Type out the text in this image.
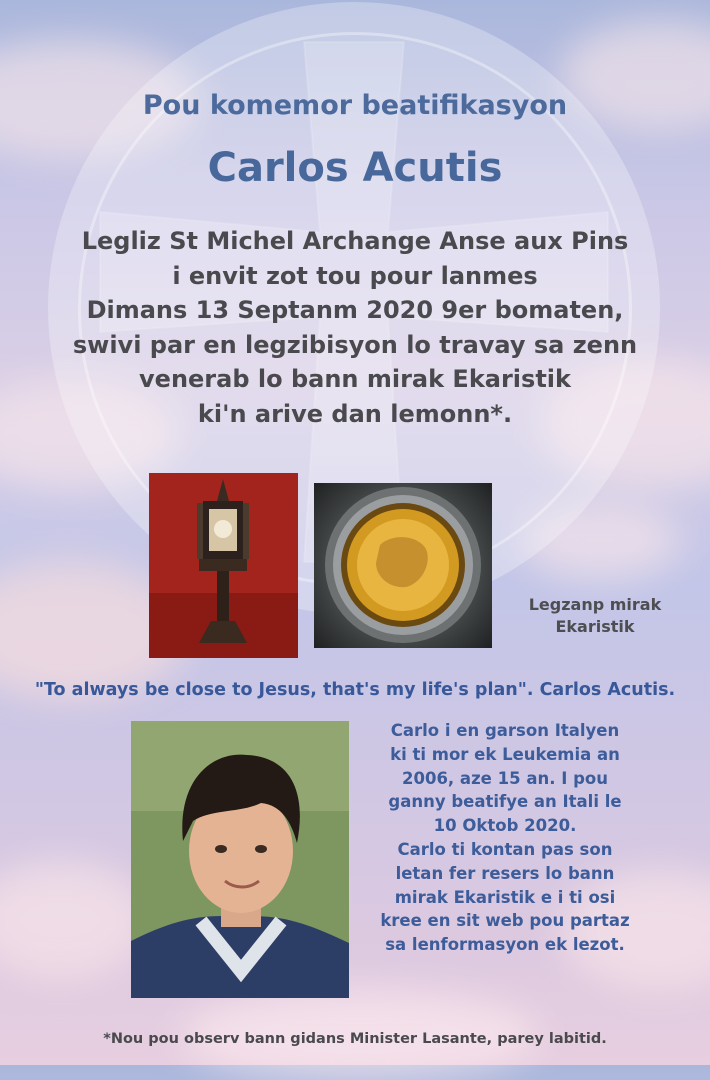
Pou komemor beatifikasyon
Carlos Acutis
Legliz St Michel Archange Anse aux Pins
i envit zot tou pour lanmes
Dimans 13 Septanm 2020 9er bomaten,
swivi par en legzibisyon lo travay sa zenn
venerab lo bann mirak Ekaristik
ki'n arive dan lemonn*.
Legzanp mirak
Ekaristik
"To always be close to Jesus, that's my life's plan". Carlos Acutis.
Carlo i en garson Italyen
ki ti mor ek Leukemia an
2006, aze 15 an. I pou
ganny beatifye an Itali le
10 Oktob 2020.
Carlo ti kontan pas son
letan fer resers lo bann
mirak Ekaristik e i ti osi
kree en sit web pou partaz
sa lenformasyon ek lezot.
*Nou pou observ bann gidans Minister Lasante, parey labitid.
